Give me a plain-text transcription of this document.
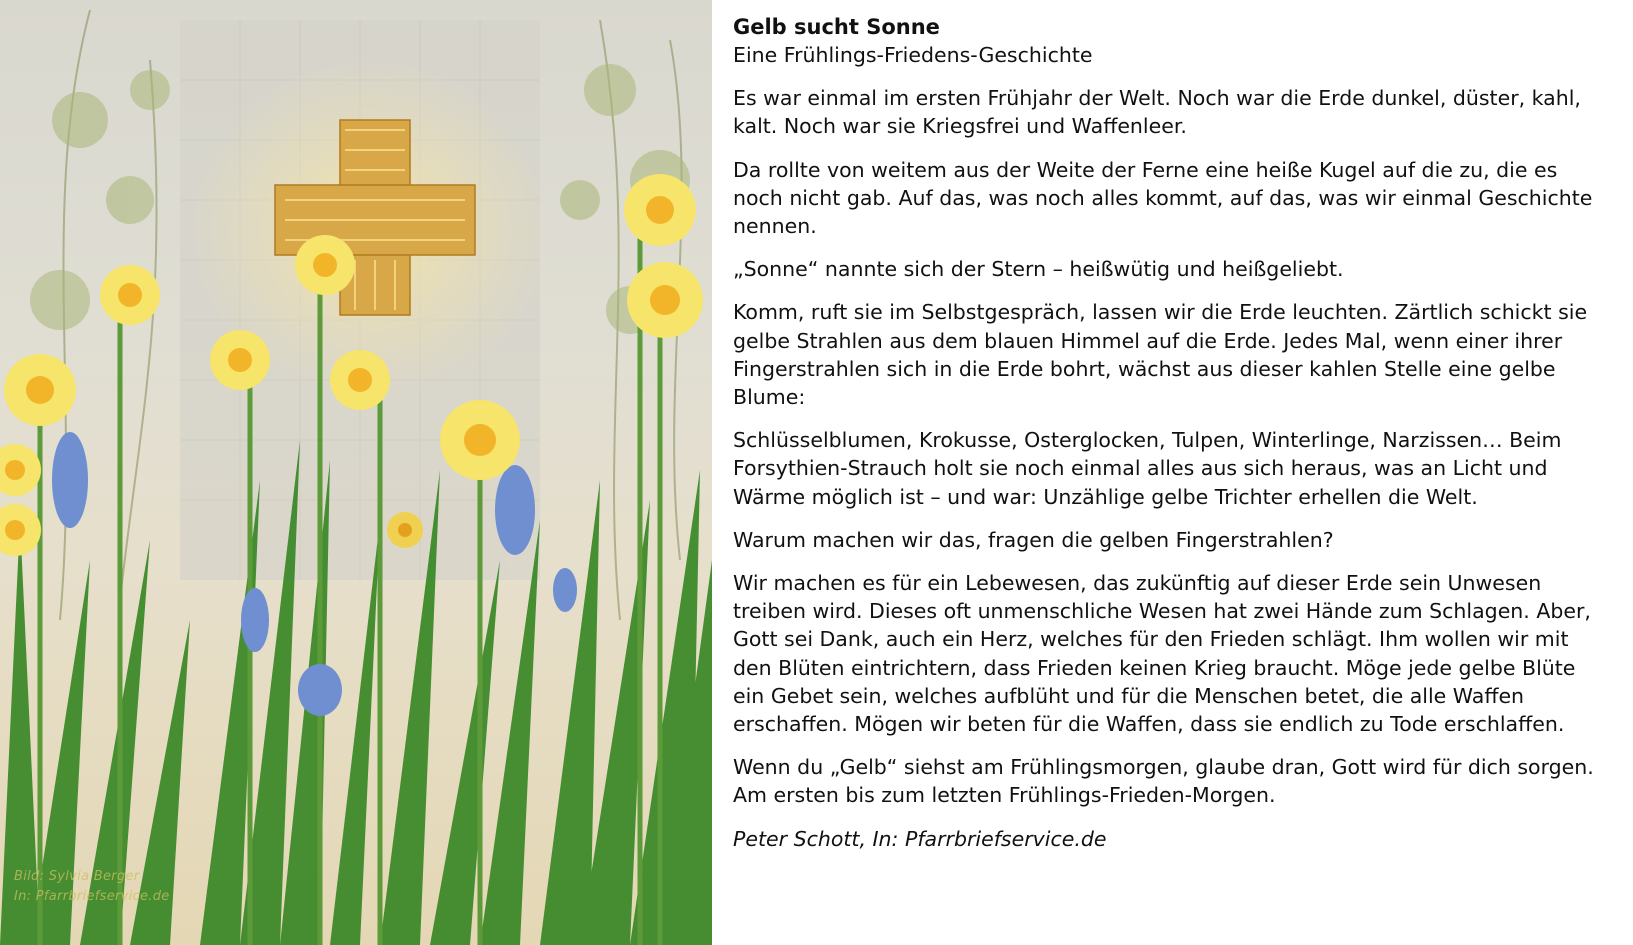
Bild: Sylvia Berger
In: Pfarrbriefservice.de
Gelb sucht Sonne
Eine Frühlings-Friedens-Geschichte

Es war einmal im ersten Frühjahr der Welt. Noch war die Erde dunkel, düster, kahl, kalt. Noch war sie Kriegsfrei und Waffenleer.

Da rollte von weitem aus der Weite der Ferne eine heiße Kugel auf die zu, die es noch nicht gab. Auf das, was noch alles kommt, auf das, was wir einmal Geschichte nennen.

„Sonne“ nannte sich der Stern – heißwütig und heißgeliebt.

Komm, ruft sie im Selbstgespräch, lassen wir die Erde leuchten. Zärtlich schickt sie gelbe Strahlen aus dem blauen Himmel auf die Erde. Jedes Mal, wenn einer ihrer Fingerstrahlen sich in die Erde bohrt, wächst aus dieser kahlen Stelle eine gelbe Blume:

Schlüsselblumen, Krokusse, Osterglocken, Tulpen, Winterlinge, Narzissen… Beim Forsythien-Strauch holt sie noch einmal alles aus sich heraus, was an Licht und Wärme möglich ist – und war: Unzählige gelbe Trichter erhellen die Welt.

Warum machen wir das, fragen die gelben Fingerstrahlen?

Wir machen es für ein Lebewesen, das zukünftig auf dieser Erde sein Unwesen treiben wird. Dieses oft unmenschliche Wesen hat zwei Hände zum Schlagen. Aber, Gott sei Dank, auch ein Herz, welches für den Frieden schlägt. Ihm wollen wir mit den Blüten eintrichtern, dass Frieden keinen Krieg braucht. Möge jede gelbe Blüte ein Gebet sein, welches aufblüht und für die Menschen betet, die alle Waffen erschaffen. Mögen wir beten für die Waffen, dass sie endlich zu Tode erschlaffen.

Wenn du „Gelb“ siehst am Frühlingsmorgen, glaube dran, Gott wird für dich sorgen. Am ersten bis zum letzten Frühlings-Frieden-Morgen.

Peter Schott, In: Pfarrbriefservice.de
